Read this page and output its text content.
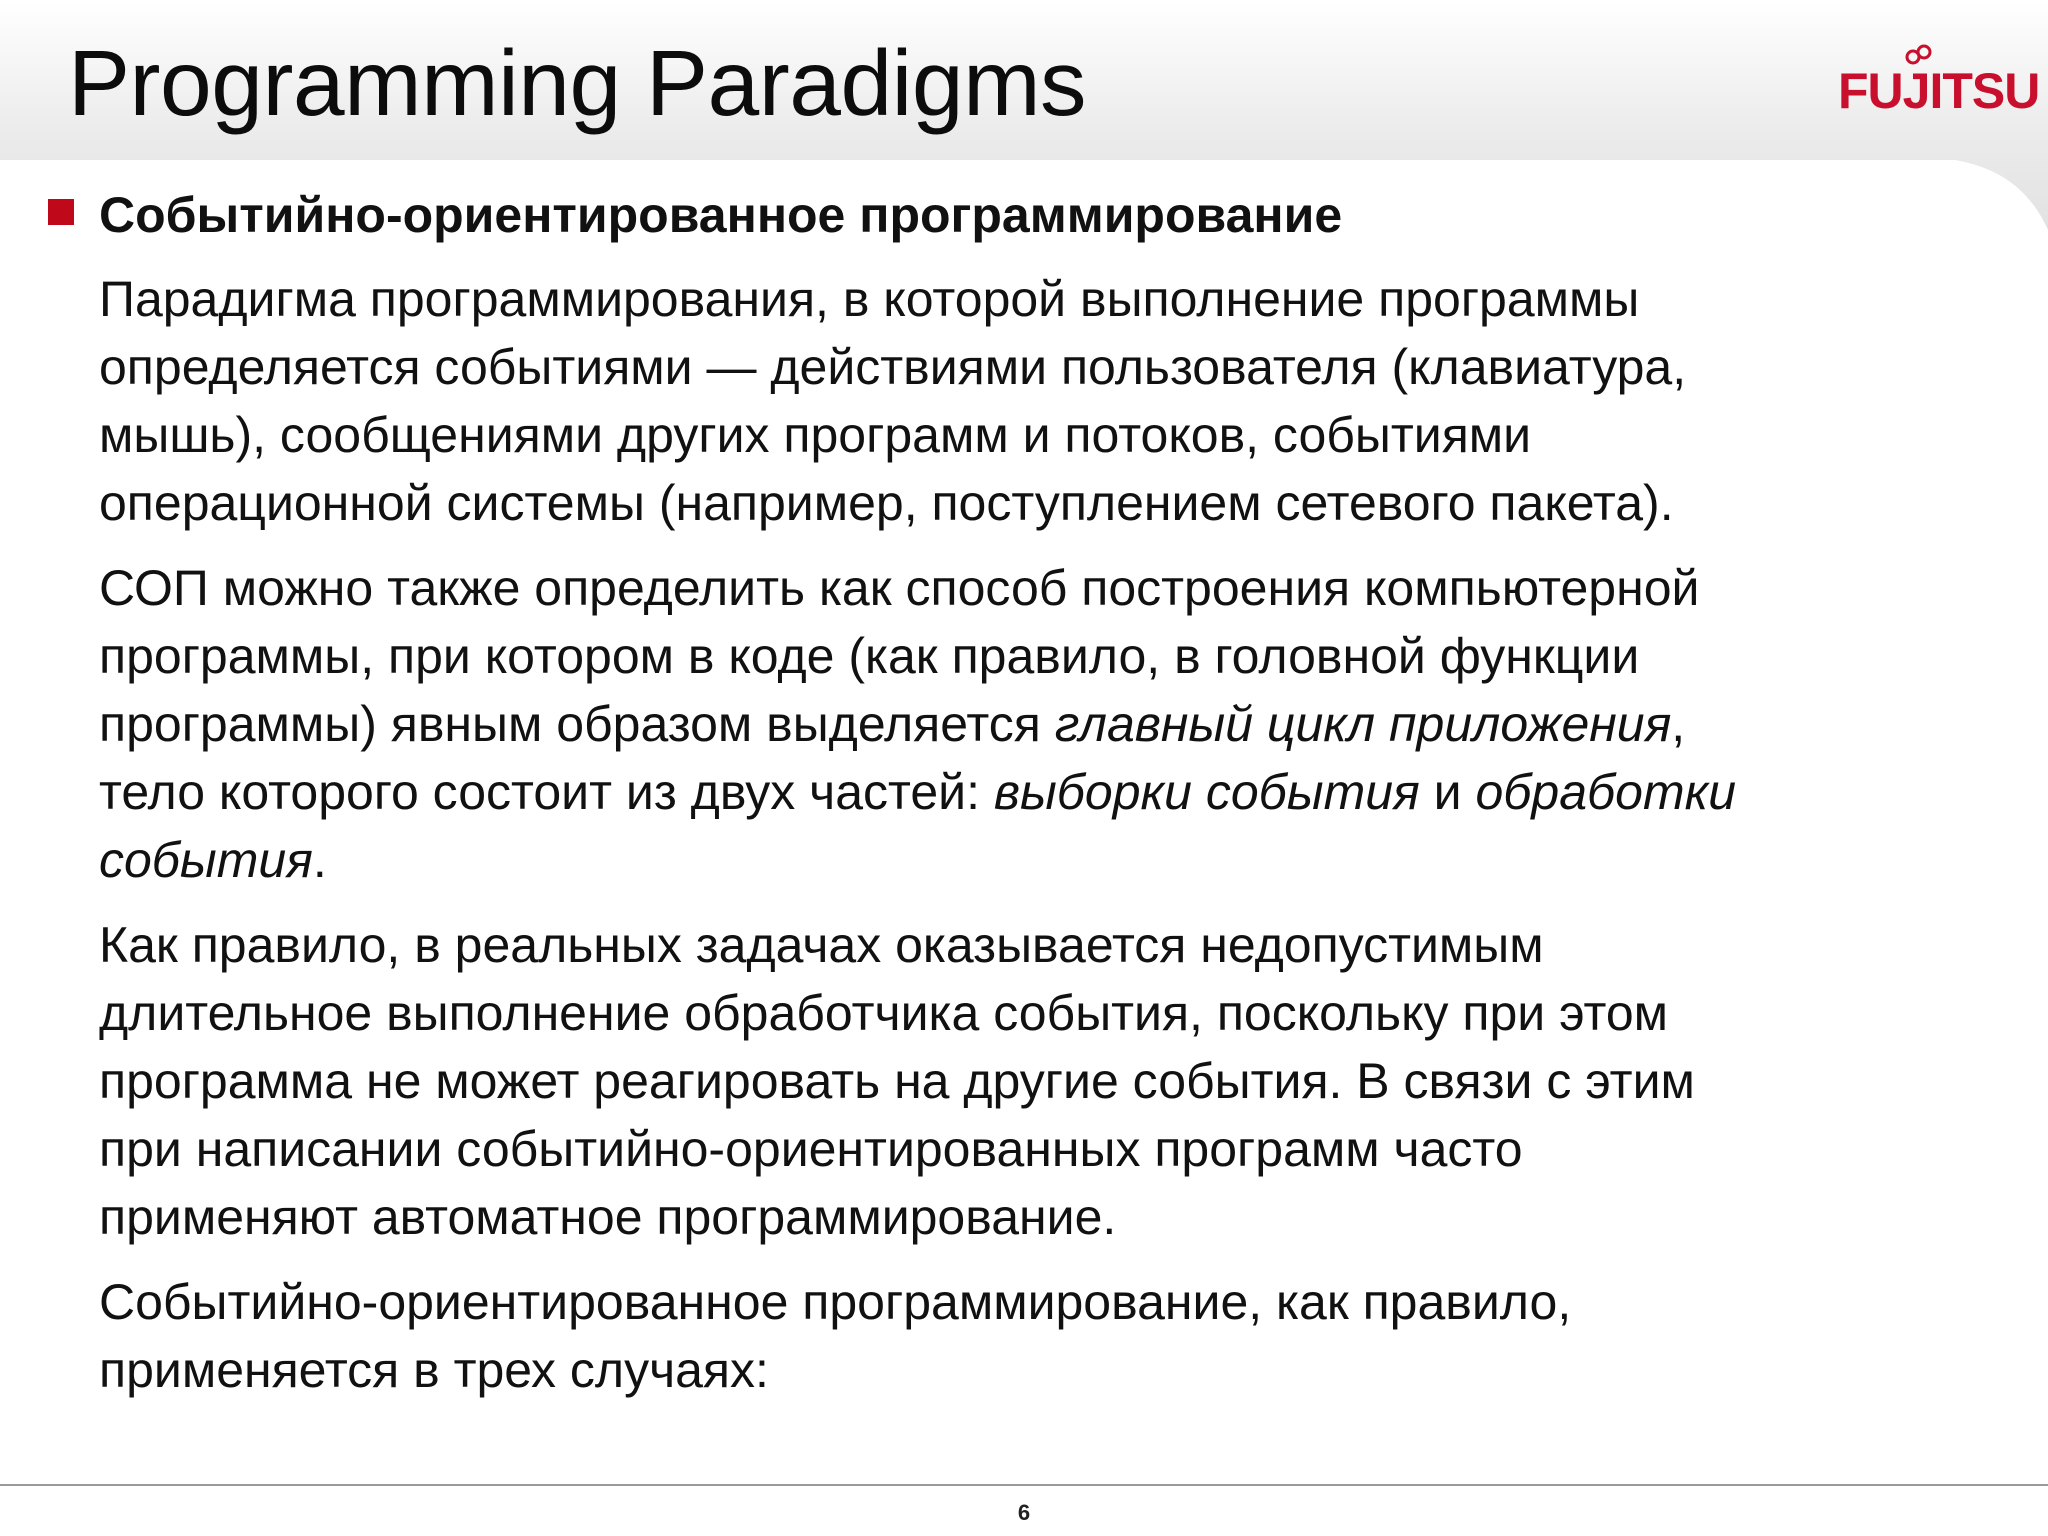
Programming Paradigms	FUJITSU
Событийно-ориентированное программирование

Парадигма программирования, в которой выполнение программы
определяется событиями — действиями пользователя (клавиатура,
мышь), сообщениями других программ и потоков, событиями
операционной системы (например, поступлением сетевого пакета).

СОП можно также определить как способ построения компьютерной
программы, при котором в коде (как правило, в головной функции
программы) явным образом выделяется главный цикл приложения,
тело которого состоит из двух частей: выборки события и обработки
события.

Как правило, в реальных задачах оказывается недопустимым
длительное выполнение обработчика события, поскольку при этом
программа не может реагировать на другие события. В связи с этим
при написании событийно-ориентированных программ часто
применяют автоматное программирование.

Событийно-ориентированное программирование, как правило,
применяется в трех случаях:

6
